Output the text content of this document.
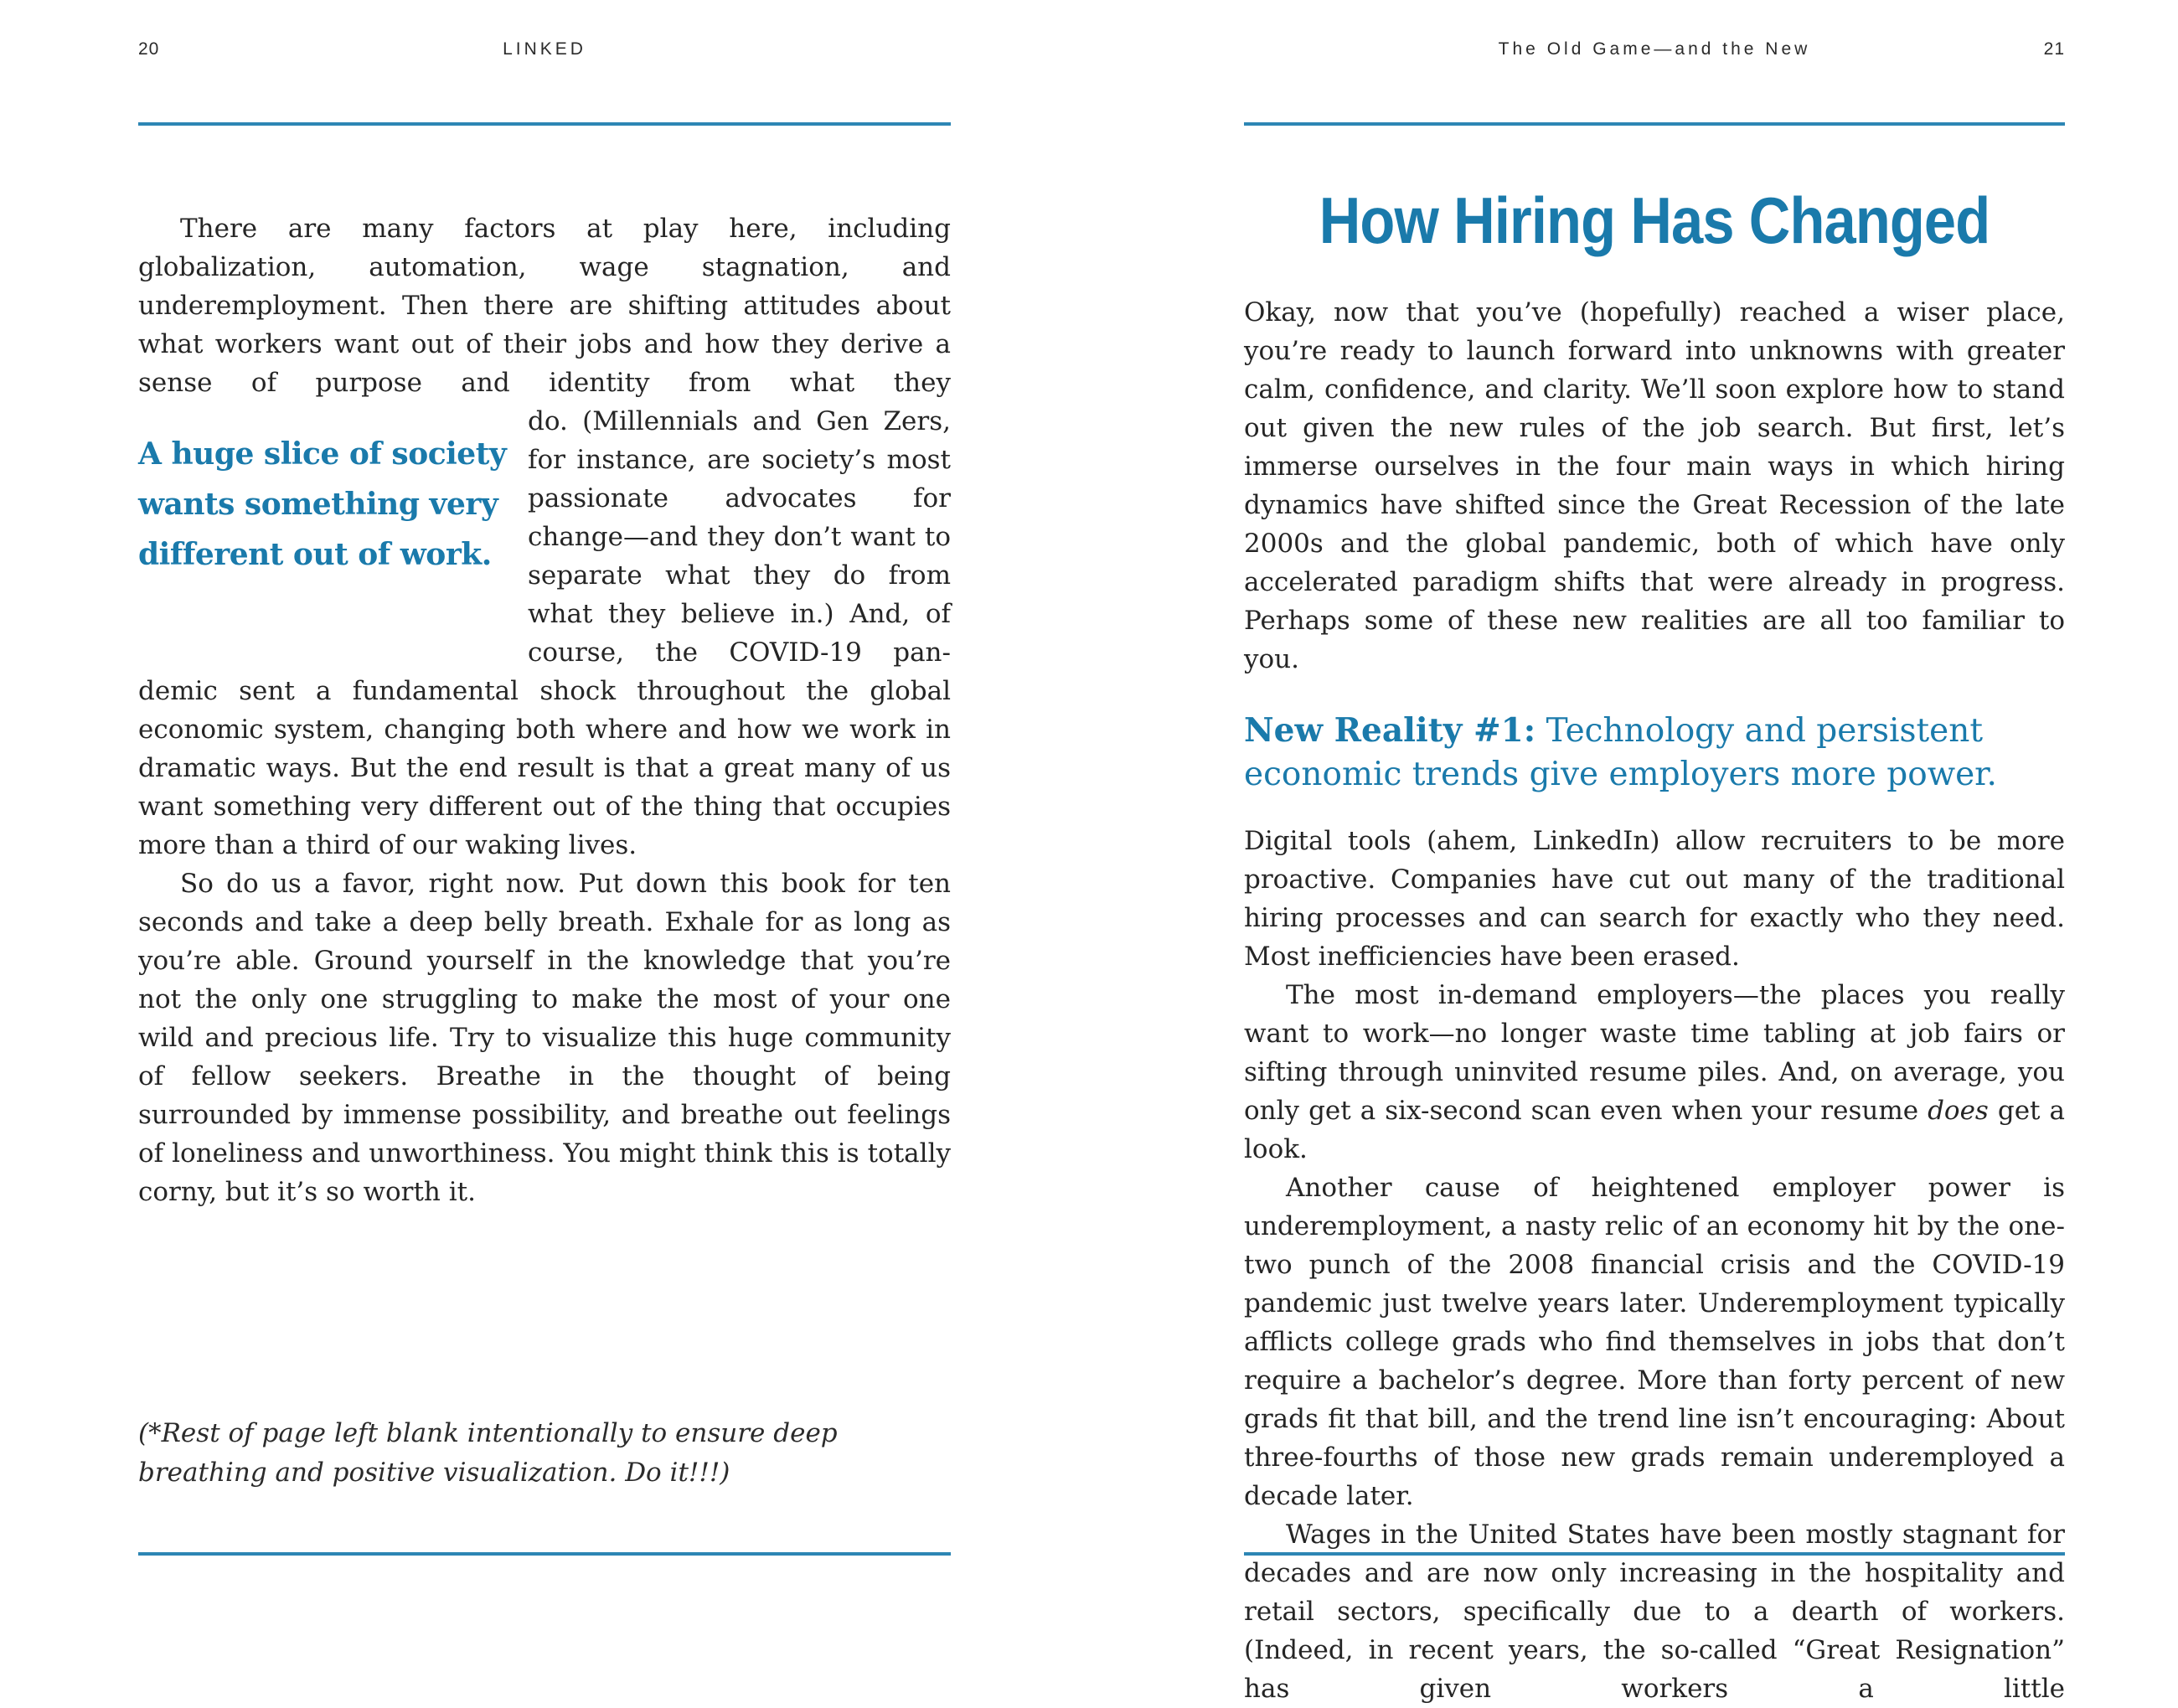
20	LINKED

There are many factors at play here, including globalization, automation, wage stagnation, and underemployment. Then there are shifting attitudes about what workers want out of their jobs and how they derive a sense of purpose and identity from what they

A huge slice of society
wants something very
different out of work.

do. (Millennials and Gen Zers, for instance, are society’s most passionate advocates for change—and they don’t want to separate what they do from what they believe in.) And, of course, the COVID-19 pan-

demic sent a fundamental shock throughout the global economic system, changing both where and how we work in dramatic ways. But the end result is that a great many of us want something very different out of the thing that occupies more than a third of our waking lives.

So do us a favor, right now. Put down this book for ten seconds and take a deep belly breath. Exhale for as long as you’re able. Ground yourself in the knowledge that you’re not the only one struggling to make the most of your one wild and precious life. Try to visualize this huge community of fellow seekers. Breathe in the thought of being surrounded by immense possibility, and breathe out feelings of loneliness and unworthiness. You might think this is totally corny, but it’s so worth it.

(*Rest of page left blank intentionally to ensure deep breathing and positive visualization. Do it!!!)
The Old Game—and the New	21
How Hiring Has Changed

Okay, now that you’ve (hopefully) reached a wiser place, you’re ready to launch forward into unknowns with greater calm, confidence, and clarity. We’ll soon explore how to stand out given the new rules of the job search. But first, let’s immerse ourselves in the four main ways in which hiring dynamics have shifted since the Great Recession of the late 2000s and the global pandemic, both of which have only accelerated paradigm shifts that were already in progress. Perhaps some of these new realities are all too familiar to you.

New Reality #1: Technology and persistent economic trends give employers more power.

Digital tools (ahem, LinkedIn) allow recruiters to be more proactive. Companies have cut out many of the traditional hiring processes and can search for exactly who they need. Most inefficiencies have been erased.

The most in-demand employers—the places you really want to work—no longer waste time tabling at job fairs or sifting through uninvited resume piles. And, on average, you only get a six-second scan even when your resume does get a look.

Another cause of heightened employer power is underemployment, a nasty relic of an economy hit by the one-two punch of the 2008 financial crisis and the COVID-19 pandemic just twelve years later. Underemployment typically afflicts college grads who find themselves in jobs that don’t require a bachelor’s degree. More than forty percent of new grads fit that bill, and the trend line isn’t encouraging: About three-fourths of those new grads remain underemployed a decade later.

Wages in the United States have been mostly stagnant for decades and are now only increasing in the hospitality and retail sectors, specifically due to a dearth of workers. (Indeed, in recent years, the so-called “Great Resignation” has given workers a little
